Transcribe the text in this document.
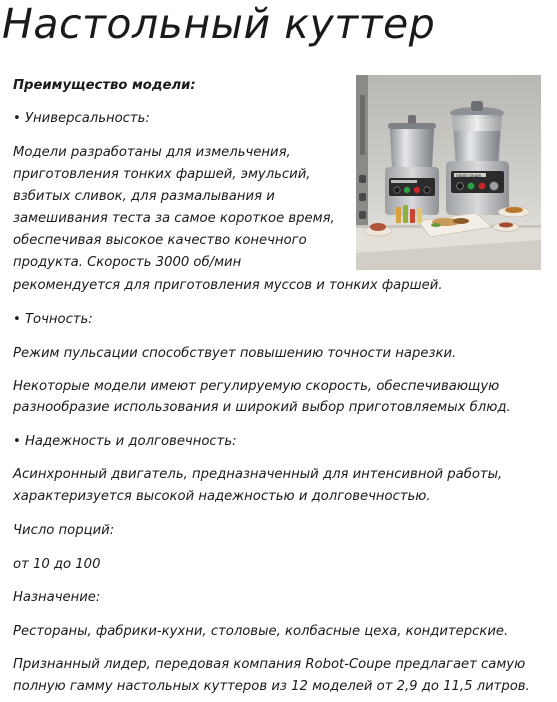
Настольный куттер
Преимущество модели:
• Универсальность:
Модели разработаны для измельчения,
приготовления тонких фаршей, эмульсий,
взбитых сливок, для размалывания и
замешивания теста за самое короткое время,
обеспечивая высокое качество конечного
продукта. Скорость 3000 об/мин
рекомендуется для приготовления муссов и тонких фаршей.
• Точность:
Режим пульсации способствует повышению точности нарезки.
Некоторые модели имеют регулируемую скорость, обеспечивающую
разнообразие использования и широкий выбор приготовляемых блюд.
• Надежность и долговечность:
Асинхронный двигатель, предназначенный для интенсивной работы,
характеризуется высокой надежностью и долговечностью.
Число порций:
от 10 до 100
Назначение:
Рестораны, фабрики-кухни, столовые, колбасные цеха, кондитерские.
Признанный лидер, передовая компания Robot-Coupe предлагает самую
полную гамму настольных куттеров из 12 моделей от 2,9 до 11,5 литров.
robot coupe
